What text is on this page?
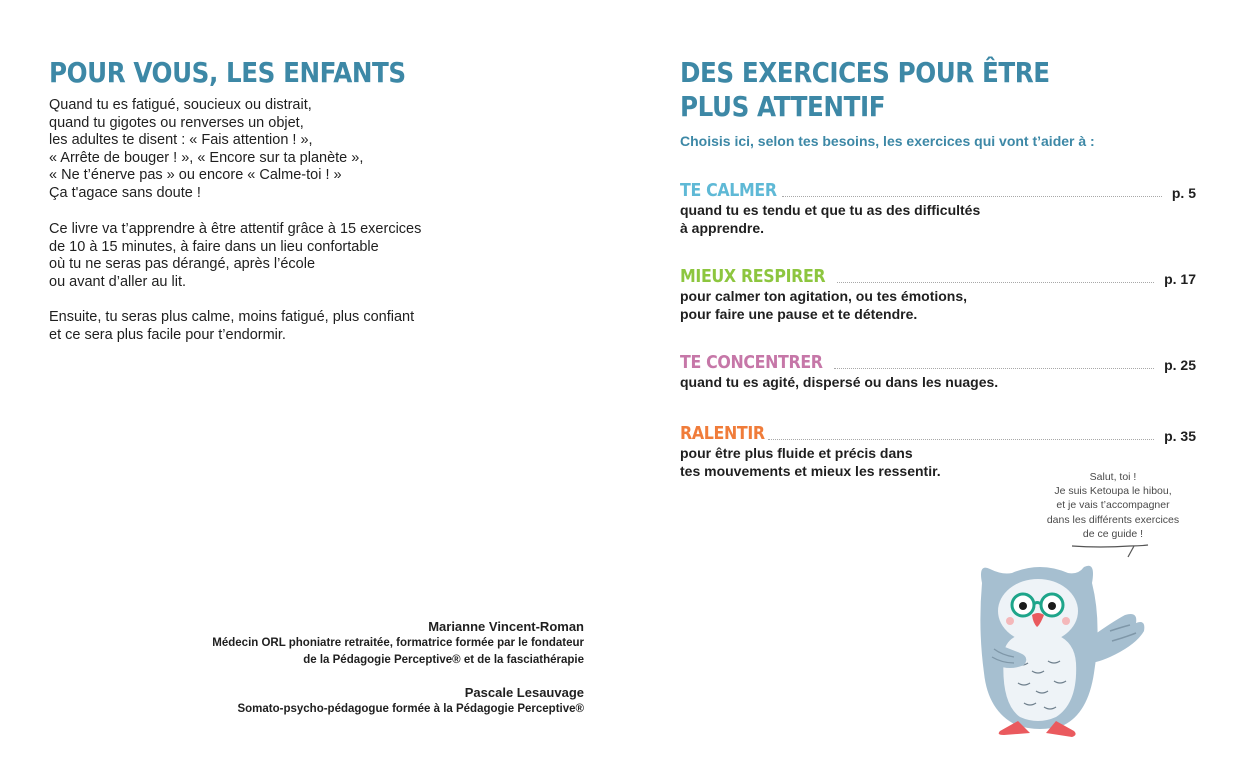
POUR VOUS, LES ENFANTS

Quand tu es fatigué, soucieux ou distrait,
quand tu gigotes ou renverses un objet,
les adultes te disent : « Fais attention ! »,
« Arrête de bouger ! », « Encore sur ta planète »,
« Ne t’énerve pas » ou encore « Calme-toi ! »
Ça t'agace sans doute !

Ce livre va t’apprendre à être attentif grâce à 15 exercices
de 10 à 15 minutes, à faire dans un lieu confortable
où tu ne seras pas dérangé, après l’école
ou avant d’aller au lit.

Ensuite, tu seras plus calme, moins fatigué, plus confiant
et ce sera plus facile pour t’endormir.

Marianne Vincent-Roman
Médecin ORL phoniatre retraitée, formatrice formée par le fondateur
de la Pédagogie Perceptive® et de la fasciathérapie
Pascale Lesauvage
Somato-psycho-pédagogue formée à la Pédagogie Perceptive®
DES EXERCICES POUR ÊTRE
PLUS ATTENTIF
Choisis ici, selon tes besoins, les exercices qui vont t’aider à :
TE CALMER	p. 5
quand tu es tendu et que tu as des difficultés
à apprendre.
MIEUX RESPIRER	p. 17
pour calmer ton agitation, ou tes émotions,
pour faire une pause et te détendre.
TE CONCENTRER	p. 25
quand tu es agité, dispersé ou dans les nuages.
RALENTIR	p. 35
pour être plus fluide et précis dans
tes mouvements et mieux les ressentir.	Salut, toi !
Je suis Ketoupa le hibou,
et je vais t’accompagner
dans les différents exercices
de ce guide !
